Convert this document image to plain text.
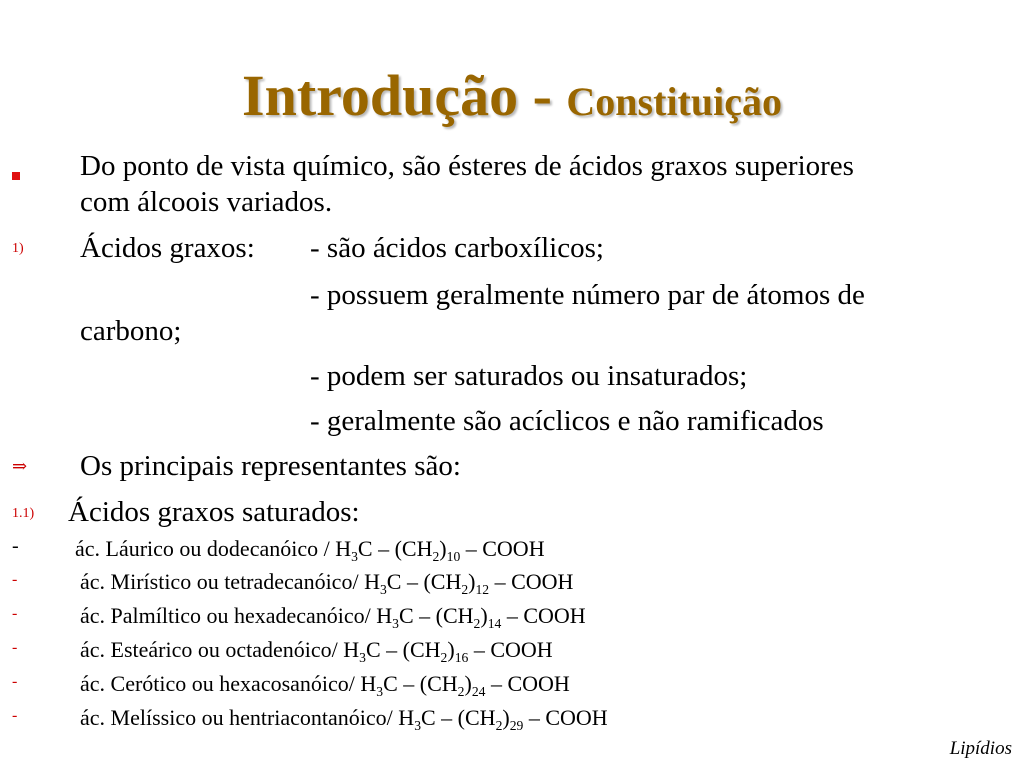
Introdução - Constituição
Do ponto de vista químico, são ésteres de ácidos graxos superiores
com álcoois variados.
1) Ácidos graxos: - são ácidos carboxílicos;
- possuem geralmente número par de átomos de
carbono;
- podem ser saturados ou insaturados;
- geralmente são acíclicos e não ramificados
⇒ Os principais representantes são:
1.1) Ácidos graxos saturados:
-	ác. Láurico ou dodecanóico / $H_3C - (CH_2)_{10}$ – COOH
-	ác. Mirístico ou tetradecanóico/ $H_3C - (CH_2)_{12}$ – COOH
-	ác. Palmíltico ou hexadecanóico/ $H_3C - (CH_2)_{14}$ – COOH
-	ác. Esteárico ou octadenóico/ $H_3C - (CH_2)_{16}$ – COOH
-	ác. Cerótico ou hexacosanóico/ $H_3C - (CH_2)_{24}$ – COOH
-	ác. Melíssico ou hentriacontanóico/ $H_3C - (CH_2)_{29}$ – COOH
Lipídios
